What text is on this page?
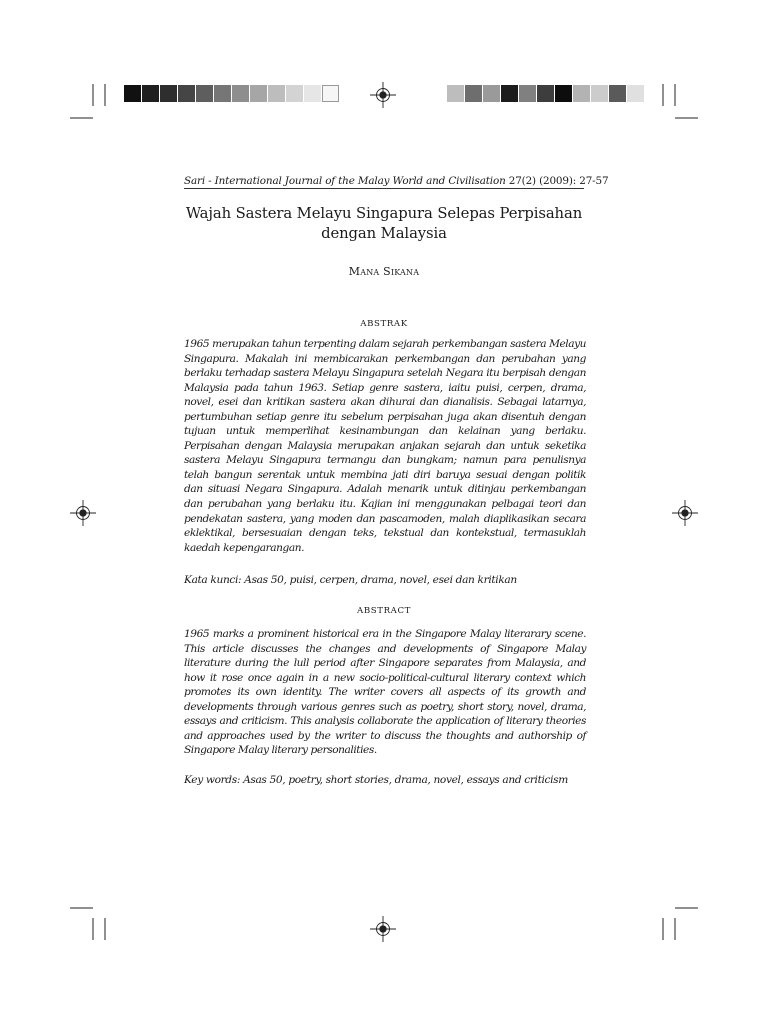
Sari - International Journal of the Malay World and Civilisation 27(2) (2009): 27-57
Wajah Sastera Melayu Singapura Selepas Perpisahan
dengan Malaysia
Mana Sikana
ABSTRAK
1965 merupakan tahun terpenting dalam sejarah perkembangan sastera Melayu
Singapura. Makalah ini membicarakan perkembangan dan perubahan yang
berlaku terhadap sastera Melayu Singapura setelah Negara itu berpisah dengan
Malaysia pada tahun 1963. Setiap genre sastera, iaitu puisi, cerpen, drama,
novel, esei dan kritikan sastera akan dihurai dan dianalisis. Sebagai latarnya,
pertumbuhan setiap genre itu sebelum perpisahan juga akan disentuh dengan
tujuan untuk memperlihat kesinambungan dan kelainan yang berlaku.
Perpisahan dengan Malaysia merupakan anjakan sejarah dan untuk seketika
sastera Melayu Singapura termangu dan bungkam; namun para penulisnya
telah bangun serentak untuk membina jati diri baruya sesuai dengan politik
dan situasi Negara Singapura. Adalah menarik untuk ditinjau perkembangan
dan perubahan yang berlaku itu. Kajian ini menggunakan pelbagai teori dan
pendekatan sastera, yang moden dan pascamoden, malah diaplikasikan secara
eklektikal, bersesuaian dengan teks, tekstual dan kontekstual, termasuklah
kaedah kepengarangan.
Kata kunci: Asas 50, puisi, cerpen, drama, novel, esei dan kritikan
ABSTRACT
1965 marks a prominent historical era in the Singapore Malay literarary scene.
This article discusses the changes and developments of Singapore Malay
literature during the lull period after Singapore separates from Malaysia, and
how it rose once again in a new socio-political-cultural literary context which
promotes its own identity. The writer covers all aspects of its growth and
developments through various genres such as poetry, short story, novel, drama,
essays and criticism. This analysis collaborate the application of literary theories
and approaches used by the writer to discuss the thoughts and authorship of
Singapore Malay literary personalities.
Key words: Asas 50, poetry, short stories, drama, novel, essays and criticism
